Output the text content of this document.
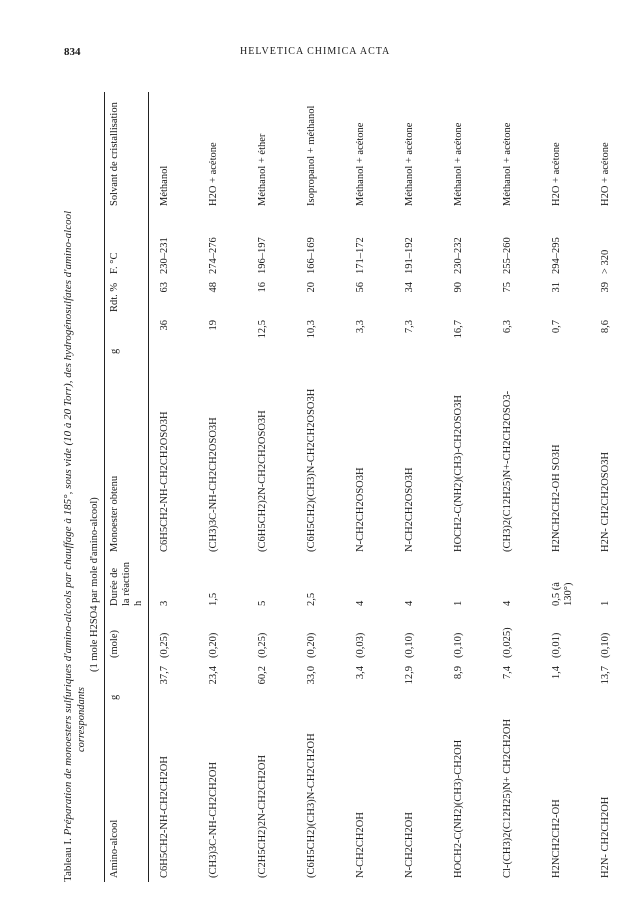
834	HELVETICA CHIMICA ACTA
Tableau I. Préparation de monoesters sulfuriques d'amino-alcools par chauffage à 185°, sous vide (10 à 20 Torr), des hydrogénosulfates d'amino-alcool correspondants
(1 mole H2SO4 par mole d'amino-alcool)
Amino-alcool	g	(mole)	Durée de la réaction h	Monoester obtenu	g	Rdt. %	F. °C	Solvant de cristallisation
C6H5CH2-NH-CH2CH2OH	37,7	(0,25)	3	C6H5CH2-NH-CH2CH2OSO3H	36	63	230–231	Méthanol
(CH3)3C-NH-CH2CH2OH	23,4	(0,20)	1,5	(CH3)3C-NH-CH2CH2OSO3H	19	48	274–276	H2O + acétone
(C2H5CH2)2N-CH2CH2OH	60,2	(0,25)	5	(C6H5CH2)2N-CH2CH2OSO3H	12,5	16	196–197	Méthanol + éther
(C6H5CH2)(CH3)N-CH2CH2OH	33,0	(0,20)	2,5	(C6H5CH2)(CH3)N-CH2CH2OSO3H	10,3	20	166–169	Isopropanol + méthanol
N-CH2CH2OH	3,4	(0,03)	4	N-CH2CH2OSO3H	3,3	56	171–172	Méthanol + acétone
N-CH2CH2OH	12,9	(0,10)	4	N-CH2CH2OSO3H	7,3	34	191–192	Méthanol + acétone
HOCH2-C(NH2)(CH3)-CH2OH	8,9	(0,10)	1	HOCH2-C(NH2)(CH3)-CH2OSO3H	16,7	90	230–232	Méthanol + acétone
Cl-(CH3)2(C12H25)N+ CH2CH2OH	7,4	(0,025)	4	(CH3)2(C12H25)N+-CH2CH2OSO3-	6,3	75	255–260	Méthanol + acétone
H2NCH2CH2-OH	1,4	(0,01)	0,5 (à 130°)	H2NCH2CH2-OH SO3H	0,7	31	294–295	H2O + acétone
H2N- CH2CH2OH	13,7	(0,10)	1	H2N- CH2CH2OSO3H	8,6	39	> 320	H2O + acétone
